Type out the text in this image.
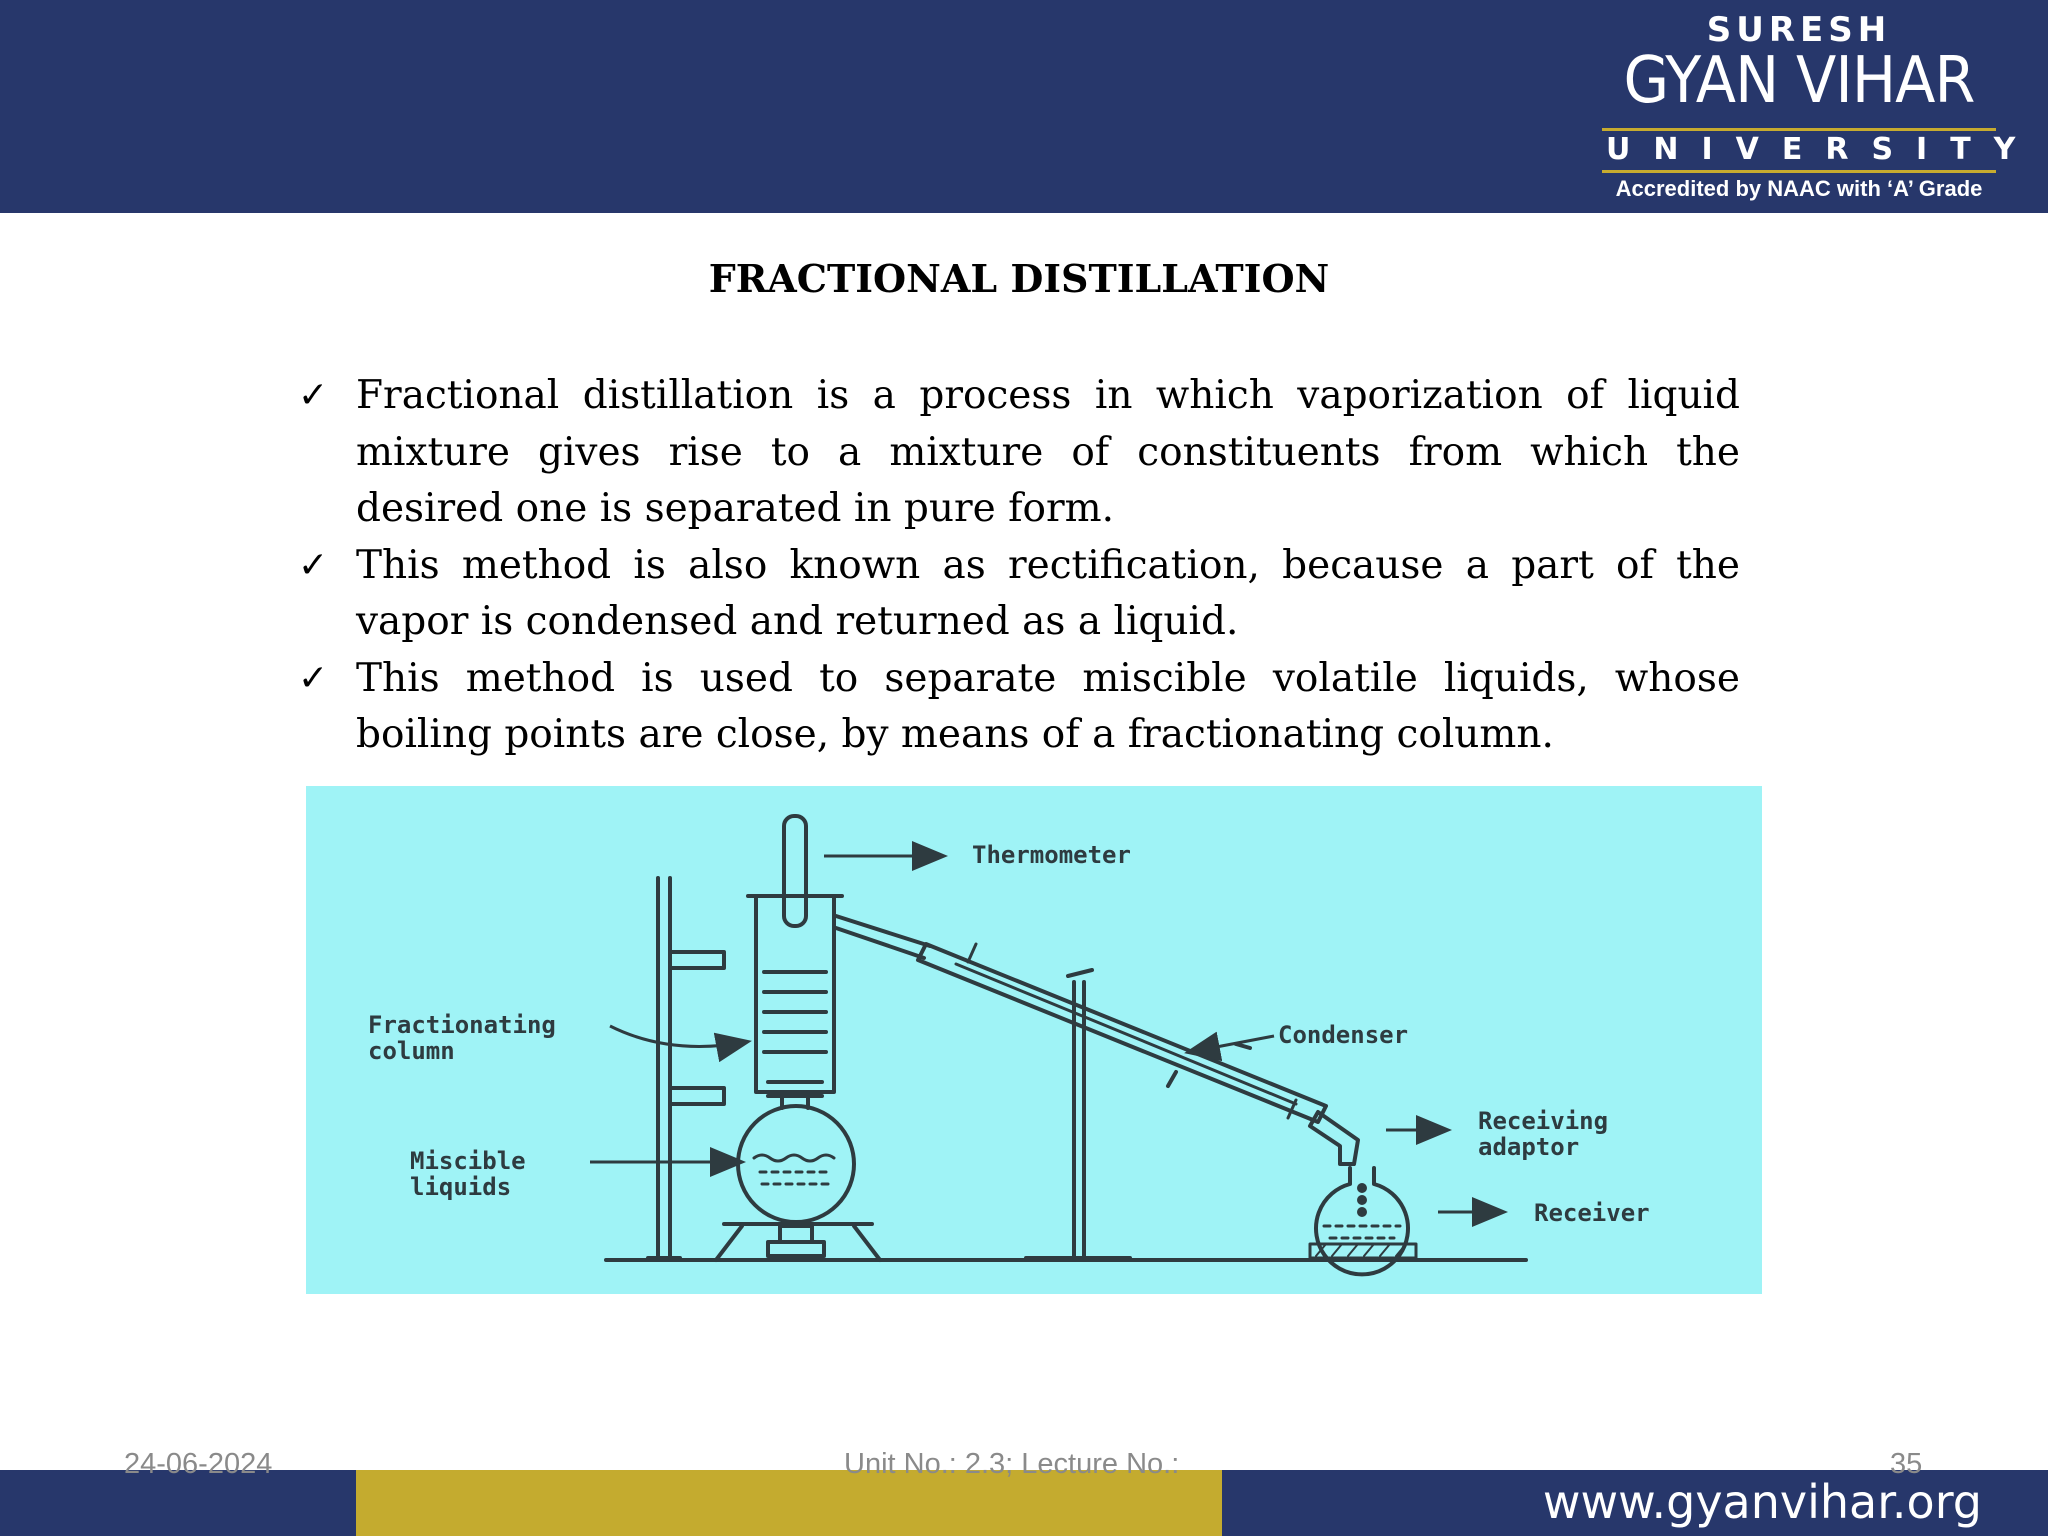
SURESH
GYAN VIHAR
UNIVERSITY
Accredited by NAAC with ‘A’ Grade
FRACTIONAL DISTILLATION
✓ Fractional distillation is a process in which vaporization of liquid mixture gives rise to a mixture of constituents from which the desired one is separated in pure form.
✓ This method is also known as rectification, because a part of the vapor is condensed and returned as a liquid.
✓ This method is used to separate miscible volatile liquids, whose boiling points are close, by means of a fractionating column.
Thermometer
Fractionating
column
Condenser
Miscible
liquids
Receiving
adaptor
Receiver
24-06-2024	Unit No.: 2.3; Lecture No.:	35
www.gyanvihar.org
